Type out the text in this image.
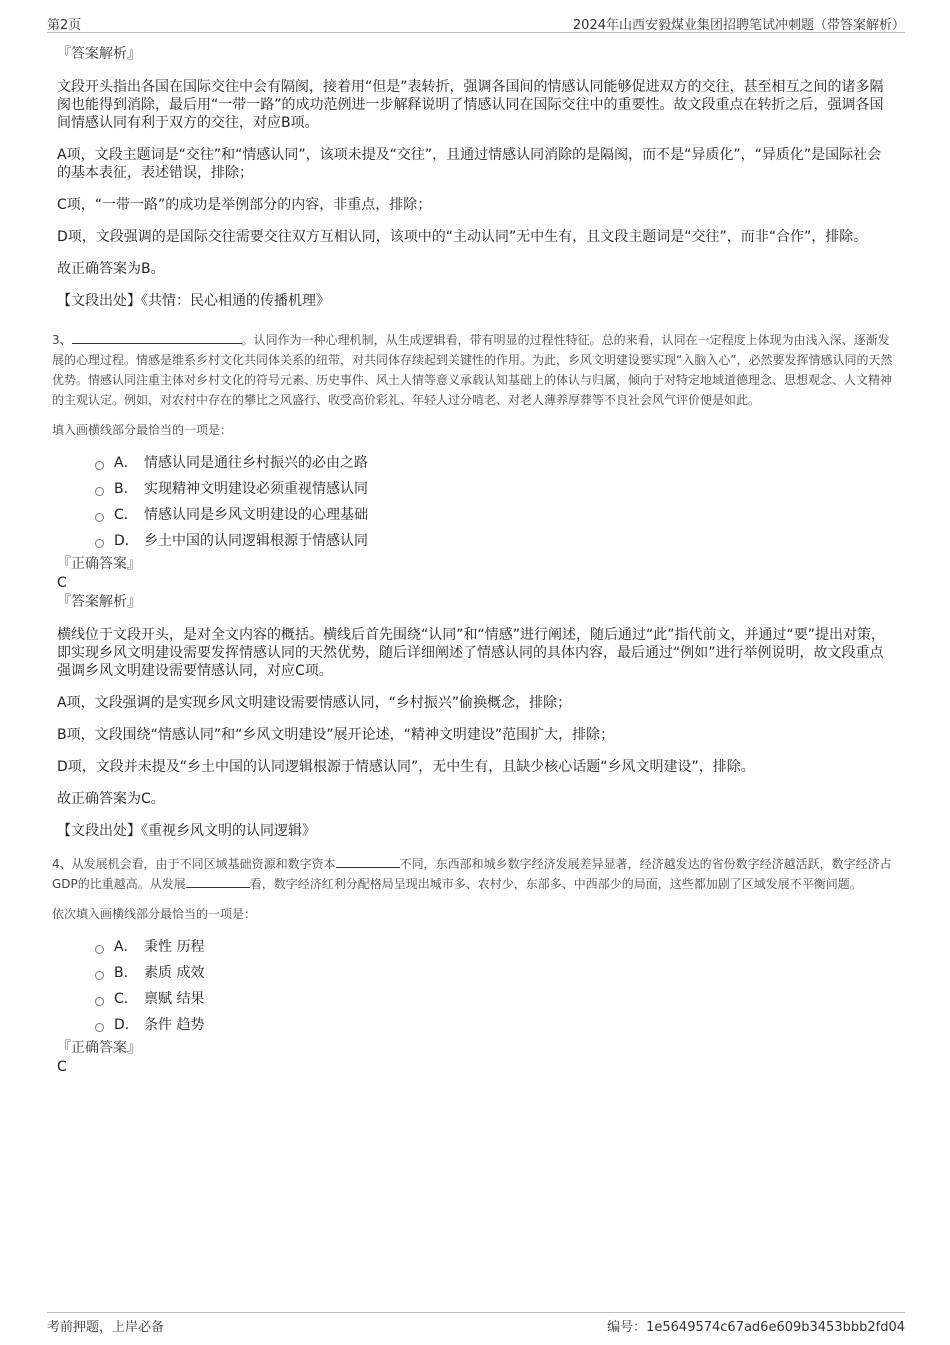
第2页	2024年山西安毅煤业集团招聘笔试冲刺题（带答案解析）

『答案解析』

文段开头指出各国在国际交往中会有隔阂，接着用“但是”表转折，强调各国间的情感认同能够促进双方的交往，甚至相互之间的诸多隔阂也能得到消除，最后用“一带一路”的成功范例进一步解释说明了情感认同在国际交往中的重要性。故文段重点在转折之后，强调各国间情感认同有利于双方的交往，对应B项。

A项，文段主题词是“交往”和“情感认同”，该项未提及“交往”，且通过情感认同消除的是隔阂，而不是“异质化”，“异质化”是国际社会的基本表征，表述错误，排除；

C项，“一带一路”的成功是举例部分的内容，非重点，排除；

D项，文段强调的是国际交往需要交往双方互相认同，该项中的“主动认同”无中生有，且文段主题词是“交往”，而非“合作”，排除。

故正确答案为B。

【文段出处】《共情：民心相通的传播机理》

3、	。认同作为一种心理机制，从生成逻辑看，带有明显的过程性特征。总的来看，认同在一定程度上体现为由浅入深、逐渐发展的心理过程。情感是维系乡村文化共同体关系的纽带，对共同体存续起到关键性的作用。为此，乡风文明建设要实现“入脑入心”，必然要发挥情感认同的天然优势。情感认同注重主体对乡村文化的符号元素、历史事件、风土人情等意义承载认知基础上的体认与归属，倾向于对特定地域道德理念、思想观念、人文精神的主观认定。例如，对农村中存在的攀比之风盛行、收受高价彩礼、年轻人过分啃老、对老人薄养厚葬等不良社会风气评价便是如此。

填入画横线部分最恰当的一项是：

A． 情感认同是通往乡村振兴的必由之路
B． 实现精神文明建设必须重视情感认同
C． 情感认同是乡风文明建设的心理基础
D． 乡土中国的认同逻辑根源于情感认同

『正确答案』

C

『答案解析』

横线位于文段开头，是对全文内容的概括。横线后首先围绕“认同”和“情感”进行阐述，随后通过“此”指代前文，并通过“要”提出对策，即实现乡风文明建设需要发挥情感认同的天然优势，随后详细阐述了情感认同的具体内容，最后通过“例如”进行举例说明，故文段重点强调乡风文明建设需要情感认同，对应C项。

A项，文段强调的是实现乡风文明建设需要情感认同，“乡村振兴”偷换概念，排除；

B项，文段围绕“情感认同”和“乡风文明建设”展开论述，“精神文明建设”范围扩大，排除；

D项，文段并未提及“乡土中国的认同逻辑根源于情感认同”，无中生有，且缺少核心话题“乡风文明建设”，排除。

故正确答案为C。

【文段出处】《重视乡风文明的认同逻辑》

4、从发展机会看，由于不同区域基础资源和数字资本	不同，东西部和城乡数字经济发展差异显著，经济越发达的省份数字经济越活跃，数字经济占GDP的比重越高。从发展	看，数字经济红利分配格局呈现出城市多、农村少，东部多、中西部少的局面，这些都加剧了区域发展不平衡问题。

依次填入画横线部分最恰当的一项是：

A． 秉性 历程
B． 素质 成效
C． 禀赋 结果
D． 条件 趋势

『正确答案』

C

考前押题，上岸必备	编号：1e5649574c67ad6e609b3453bbb2fd04
